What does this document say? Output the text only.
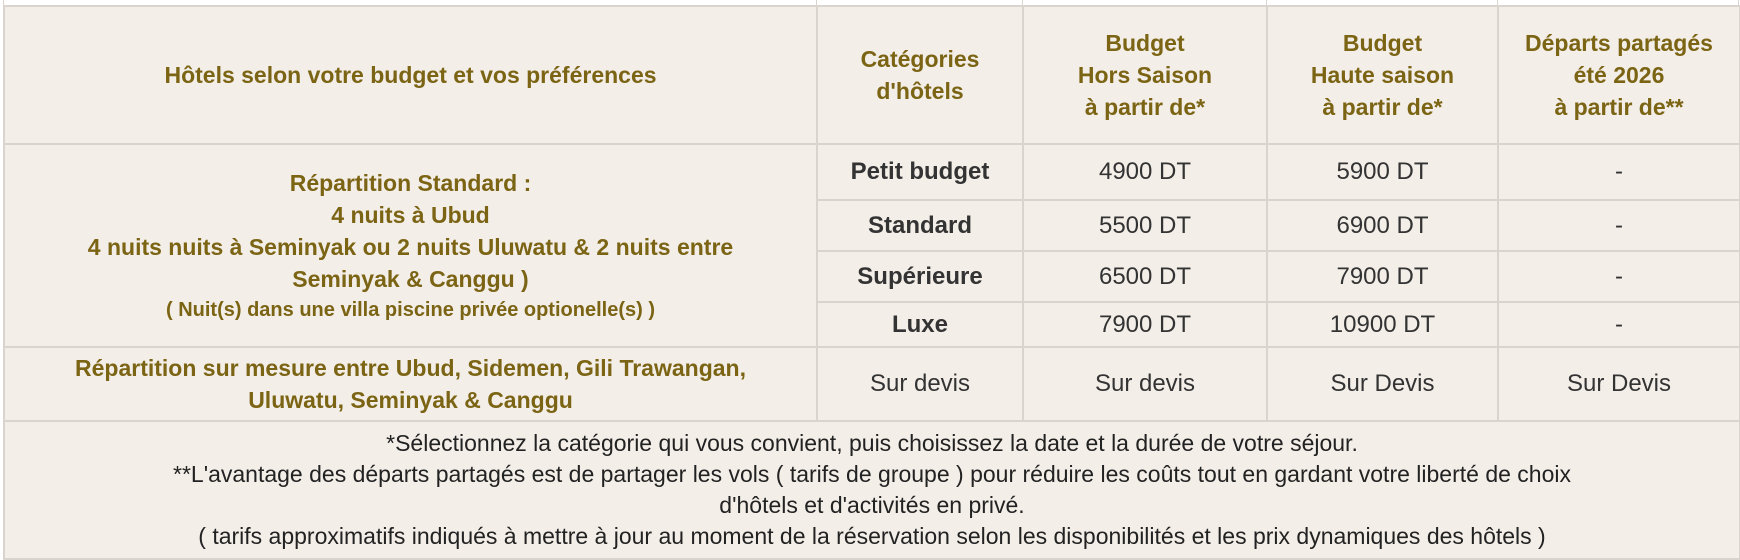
Hôtels selon votre budget et vos préférences	Catégories
d'hôtels	Budget
Hors Saison
à partir de*	Budget
Haute saison
à partir de*	Départs partagés
été 2026
à partir de**

Répartition Standard :
4 nuits à Ubud
4 nuits nuits à Seminyak ou 2 nuits Uluwatu & 2 nuits entre
Seminyak & Canggu )
( Nuit(s) dans une villa piscine privée optionelle(s) )	Petit budget	4900 DT	5900 DT	-
	Standard	5500 DT	6900 DT	-
	Supérieure	6500 DT	7900 DT	-
	Luxe	7900 DT	10900 DT	-

Répartition sur mesure entre Ubud, Sidemen, Gili Trawangan,
Uluwatu, Seminyak & Canggu	Sur devis	Sur devis	Sur Devis	Sur Devis

*Sélectionnez la catégorie qui vous convient, puis choisissez la date et la durée de votre séjour.
**L'avantage des départs partagés est de partager les vols ( tarifs de groupe ) pour réduire les coûts tout en gardant votre liberté de choix
d'hôtels et d'activités en privé.
( tarifs approximatifs indiqués à mettre à jour au moment de la réservation selon les disponibilités et les prix dynamiques des hôtels )				
